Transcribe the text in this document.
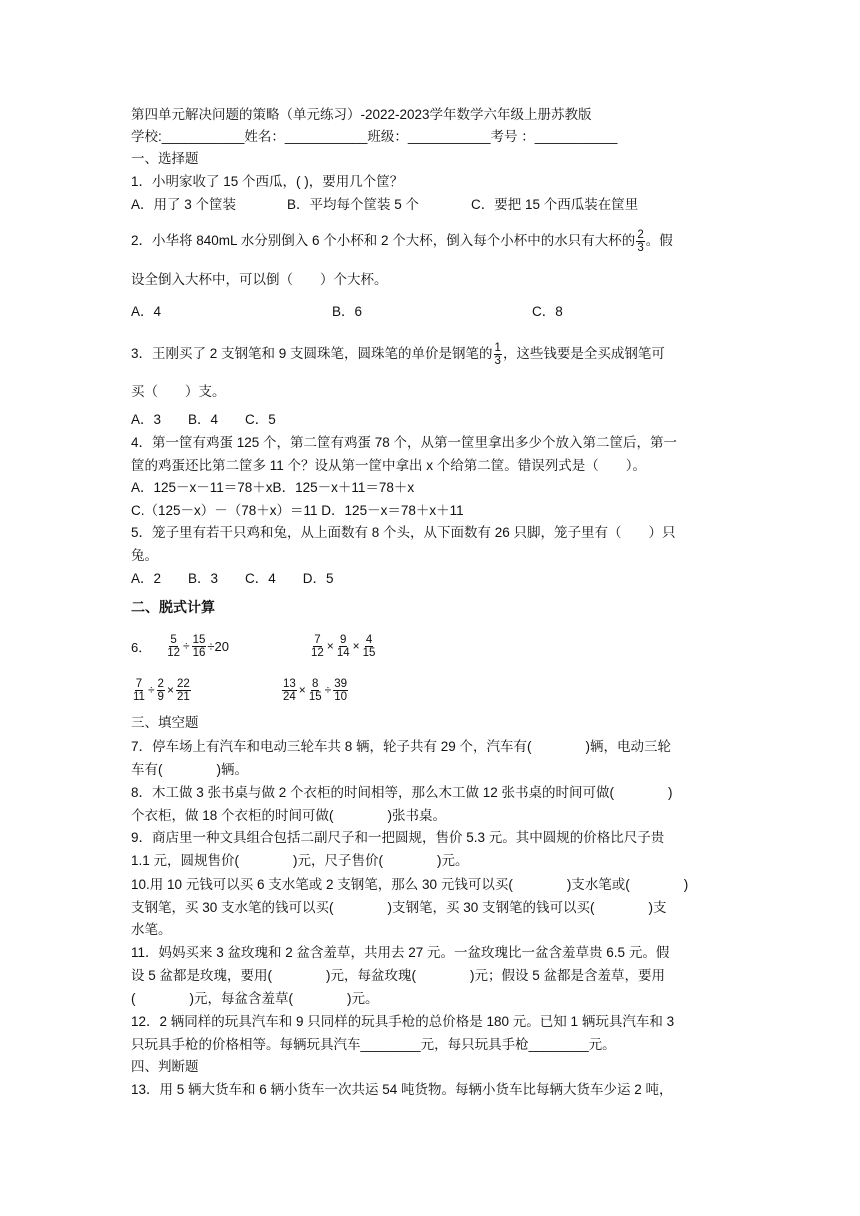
第四单元解决问题的策略（单元练习）-2022-2023学年数学六年级上册苏教版
学校:___________姓名：___________班级：___________考号 ：___________
一、选择题
1．小明家收了 15 个西瓜，( )，要用几个筐？
A．用了 3 个筐装	B．平均每个筐装 5 个	C．要把 15 个西瓜装在筐里
2．小华将 840mL 水分别倒入 6 个小杯和 2 个大杯，倒入每个小杯中的水只有大杯的 $\frac{2}{3}$ 。假
设全倒入大杯中，可以倒（　　）个大杯。
A．4	B．6	C．8
3．王刚买了 2 支钢笔和 9 支圆珠笔，圆珠笔的单价是钢笔的 $\frac{1}{3}$ ，这些钱要是全买成钢笔可
买（　　）支。
A．3　　B．4　　C．5
4．第一筐有鸡蛋 125 个，第二筐有鸡蛋 78 个，从第一筐里拿出多少个放入第二筐后，第一
筐的鸡蛋还比第二筐多 11 个？设从第一筐中拿出 x 个给第二筐。错误列式是（　　）。
A．125－x－11＝78＋xB．125－x＋11＝78＋x
C.（125－x）－（78＋x）＝11 D．125－x＝78＋x＋11
5．笼子里有若干只鸡和兔，从上面数有 8 个头，从下面数有 26 只脚，笼子里有（　　）只
兔。
A．2　　B．3　　C．4　　D．5
二、脱式计算
6． $\frac{5}{12} \div \frac{15}{16} \div 20$	$\frac{7}{12} \times \frac{9}{14} \times \frac{4}{15}$
$\frac{7}{11} \div \frac{2}{9} \times \frac{22}{21}$	$\frac{13}{24} \times \frac{8}{15} \div \frac{39}{10}$
三、填空题
7．停车场上有汽车和电动三轮车共 8 辆，轮子共有 29 个，汽车有(　　　　)辆，电动三轮
车有(　　　　)辆。
8．木工做 3 张书桌与做 2 个衣柜的时间相等，那么木工做 12 张书桌的时间可做(　　　　)
个衣柜，做 18 个衣柜的时间可做(　　　　)张书桌。
9．商店里一种文具组合包括二副尺子和一把圆规，售价 5.3 元。其中圆规的价格比尺子贵
1.1 元，圆规售价(　　　　)元，尺子售价(　　　　)元。
10.用 10 元钱可以买 6 支水笔或 2 支钢笔，那么 30 元钱可以买(　　　　)支水笔或(　　　　)
支钢笔，买 30 支水笔的钱可以买(　　　　)支钢笔，买 30 支钢笔的钱可以买(　　　　)支
水笔。
11．妈妈买来 3 盆玫瑰和 2 盆含羞草，共用去 27 元。一盆玫瑰比一盆含羞草贵 6.5 元。假
设 5 盆都是玫瑰，要用(　　　　)元，每盆玫瑰(　　　　)元；假设 5 盆都是含羞草，要用
(　　　　)元，每盆含羞草(　　　　)元。
12．2 辆同样的玩具汽车和 9 只同样的玩具手枪的总价格是 180 元。已知 1 辆玩具汽车和 3
只玩具手枪的价格相等。每辆玩具汽车________元，每只玩具手枪________元。
四、判断题
13．用 5 辆大货车和 6 辆小货车一次共运 54 吨货物。每辆小货车比每辆大货车少运 2 吨，
